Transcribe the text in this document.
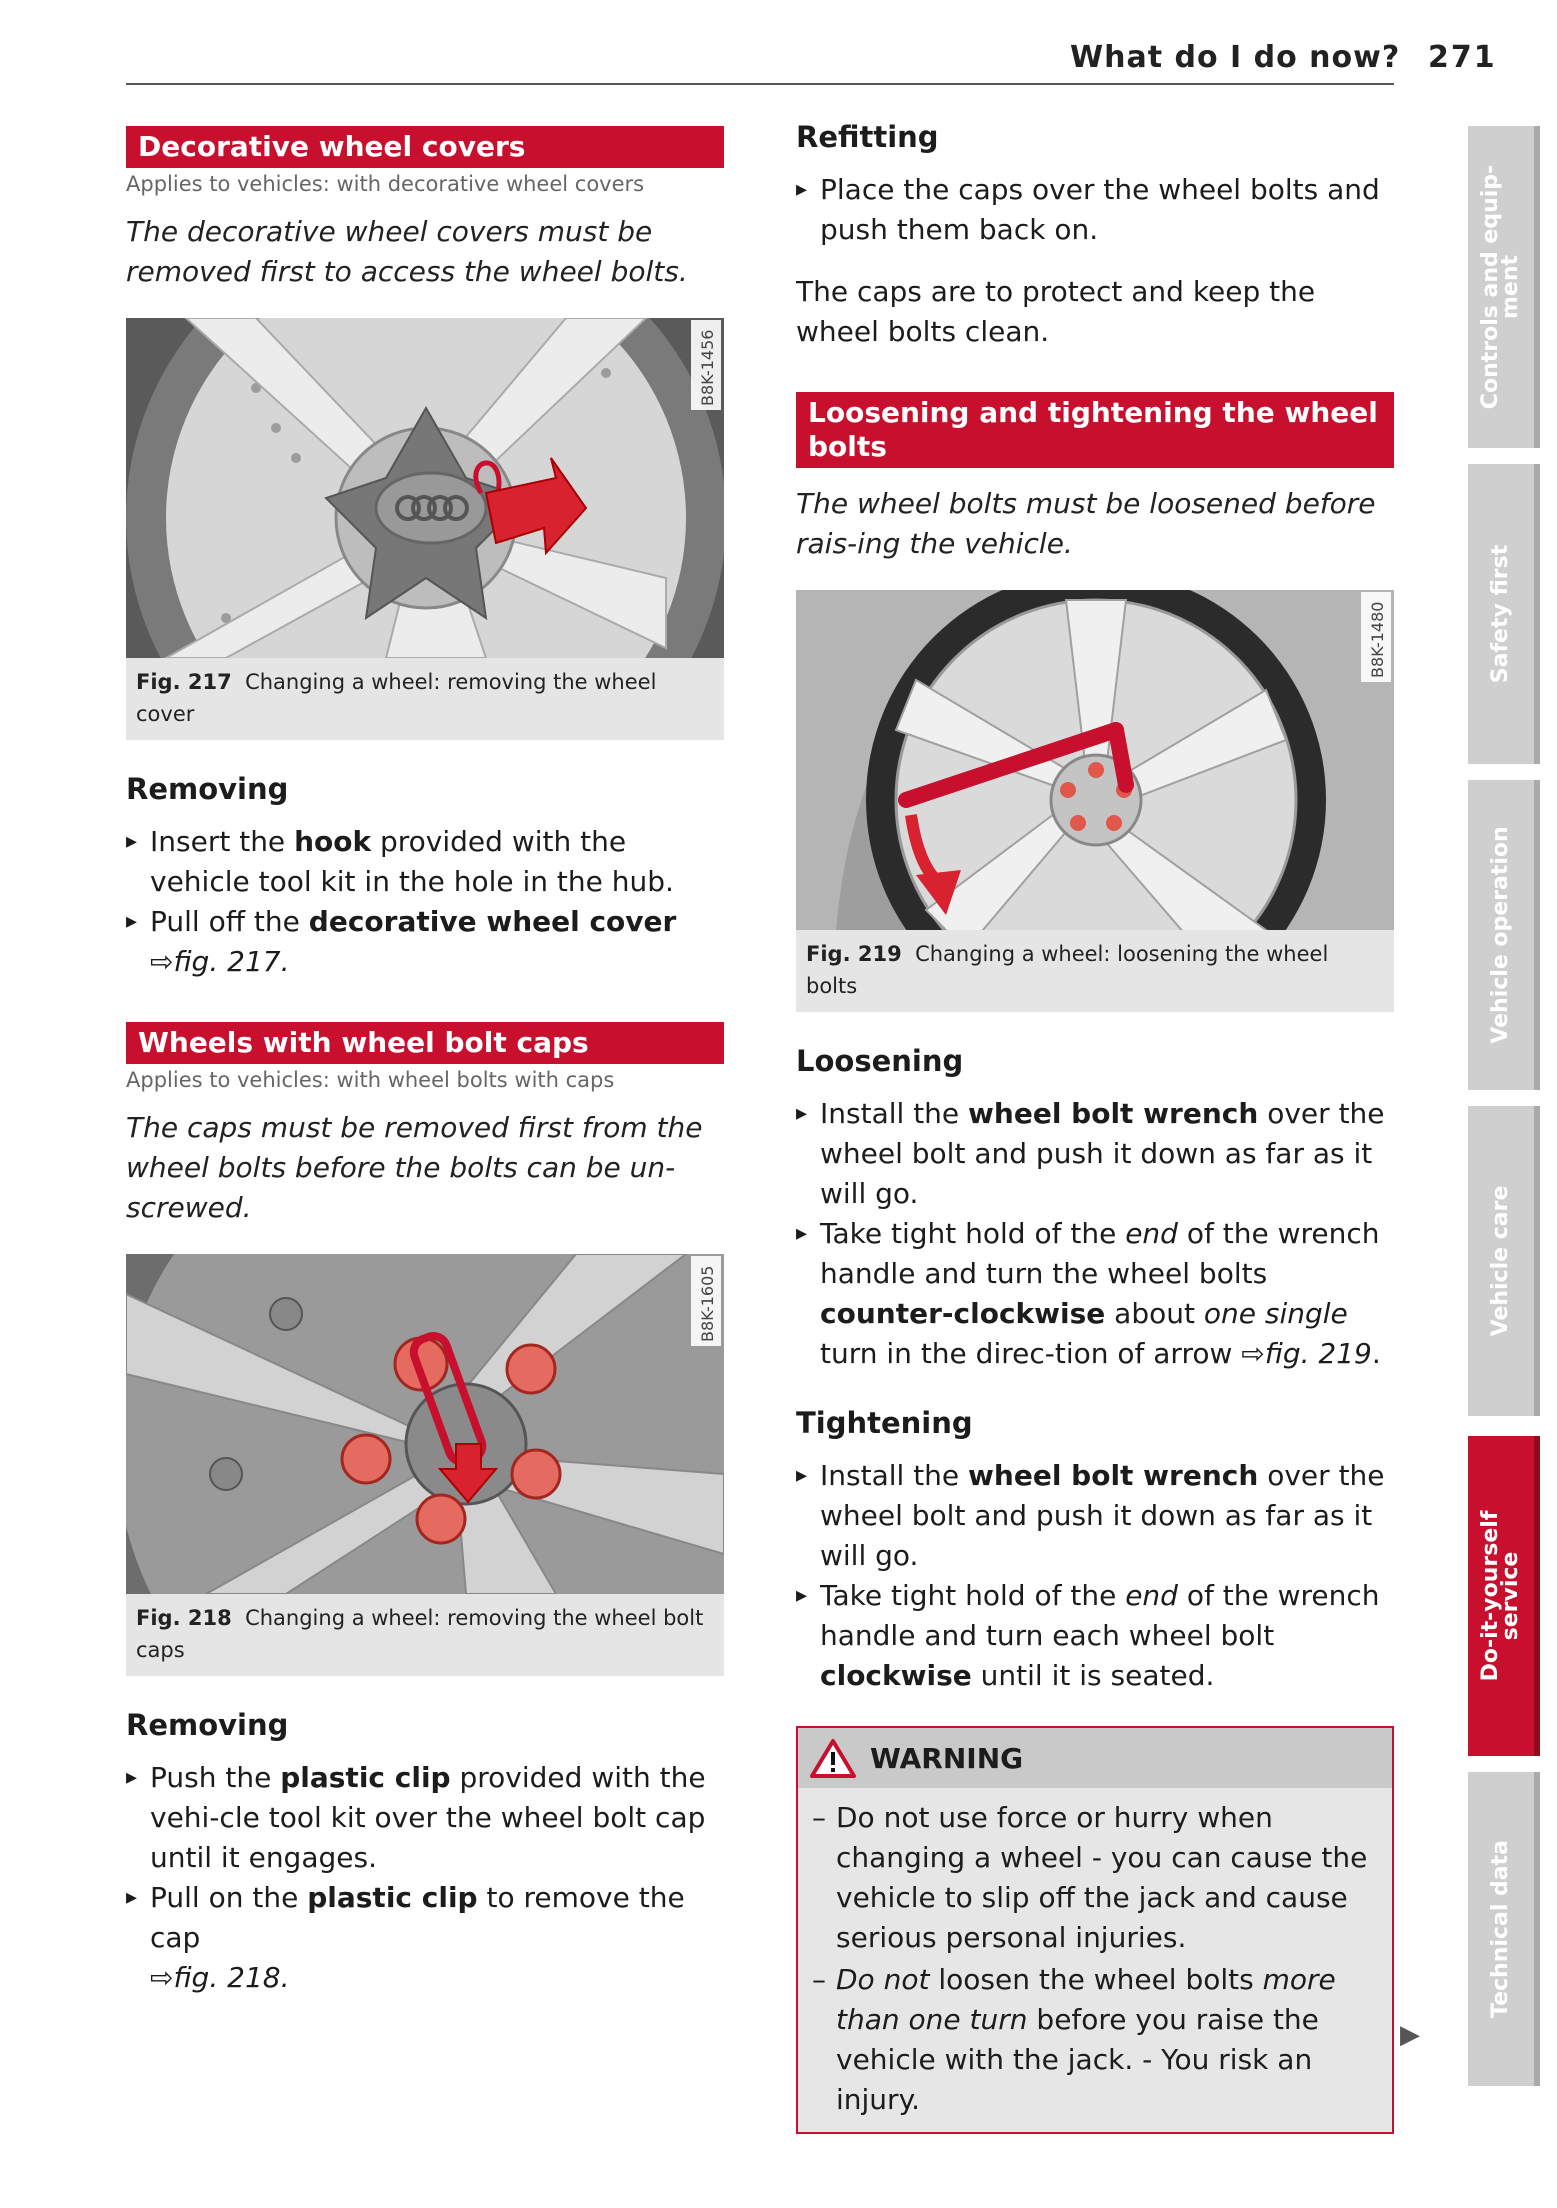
What do I do now? 271
Decorative wheel covers
Applies to vehicles: with decorative wheel covers
The decorative wheel covers must be removed first to access the wheel bolts.
B8K-1456
Fig. 217 Changing a wheel: removing the wheel cover
Removing
▸ Insert the hook provided with the vehicle tool kit in the hole in the hub.
▸ Pull off the decorative wheel cover
⇨fig. 217.
Wheels with wheel bolt caps
Applies to vehicles: with wheel bolts with caps
The caps must be removed first from the wheel bolts before the bolts can be un-screwed.
B8K-1605
Fig. 218 Changing a wheel: removing the wheel bolt caps
Removing
▸ Push the plastic clip provided with the vehi-cle tool kit over the wheel bolt cap until it engages.
▸ Pull on the plastic clip to remove the cap
⇨fig. 218.
Refitting
▸ Place the caps over the wheel bolts and push them back on.
The caps are to protect and keep the wheel bolts clean.
Loosening and tightening the wheel bolts
The wheel bolts must be loosened before rais-ing the vehicle.
B8K-1480
Fig. 219 Changing a wheel: loosening the wheel bolts
Loosening
▸ Install the wheel bolt wrench over the wheel bolt and push it down as far as it will go.
▸ Take tight hold of the end of the wrench handle and turn the wheel bolts counter-clockwise about one single turn in the direc-tion of arrow ⇨fig. 219.
Tightening
▸ Install the wheel bolt wrench over the wheel bolt and push it down as far as it will go.
▸ Take tight hold of the end of the wrench handle and turn each wheel bolt clockwise until it is seated.
WARNING
– Do not use force or hurry when changing a wheel - you can cause the vehicle to slip off the jack and cause serious personal injuries.
– Do not loosen the wheel bolts more than one turn before you raise the vehicle with the jack. - You risk an injury.
▶
Controls and equip-
ment
Safety first
Vehicle operation
Vehicle care
Do-it-yourself
service
Technical data
